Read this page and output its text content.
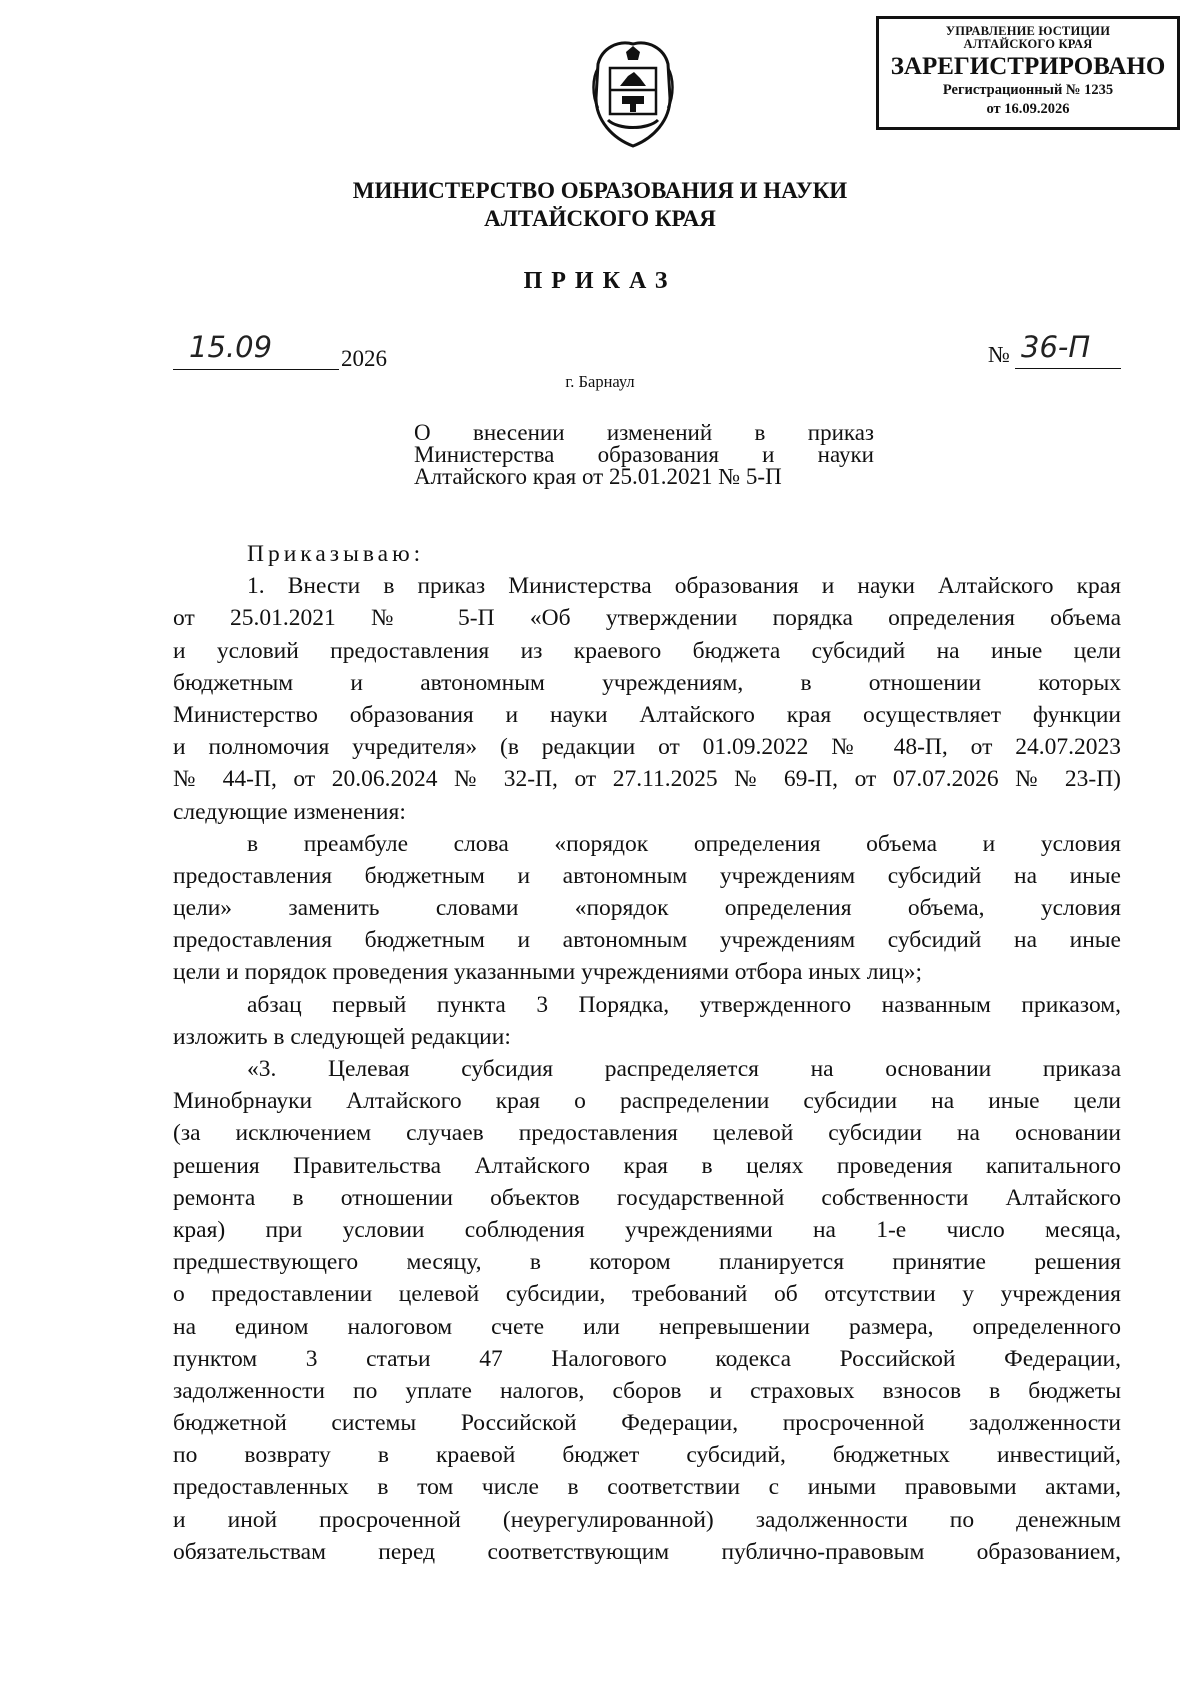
УПРАВЛЕНИЕ ЮСТИЦИИ
АЛТАЙСКОГО КРАЯ
ЗАРЕГИСТРИРОВАНО
Регистрационный № 1235
от 16.09.2026
МИНИСТЕРСТВО ОБРАЗОВАНИЯ И НАУКИ
АЛТАЙСКОГО КРАЯ
ПРИКАЗ
15.09	2026	№ 36-П
г. Барнаул
О внесении изменений в приказ
Министерства образования и науки
Алтайского края от 25.01.2021 № 5-П
Приказываю:
1. Внести в приказ Министерства образования и науки Алтайского края
от 25.01.2021 № 5-П «Об утверждении порядка определения объема
и условий предоставления из краевого бюджета субсидий на иные цели
бюджетным и автономным учреждениям, в отношении которых
Министерство образования и науки Алтайского края осуществляет функции
и полномочия учредителя» (в редакции от 01.09.2022 № 48-П, от 24.07.2023
№ 44-П, от 20.06.2024 № 32-П, от 27.11.2025 № 69-П, от 07.07.2026 № 23-П)
следующие изменения:
в преамбуле слова «порядок определения объема и условия
предоставления бюджетным и автономным учреждениям субсидий на иные
цели» заменить словами «порядок определения объема, условия
предоставления бюджетным и автономным учреждениям субсидий на иные
цели и порядок проведения указанными учреждениями отбора иных лиц»;
абзац первый пункта 3 Порядка, утвержденного названным приказом,
изложить в следующей редакции:
«3. Целевая субсидия распределяется на основании приказа
Минобрнауки Алтайского края о распределении субсидии на иные цели
(за исключением случаев предоставления целевой субсидии на основании
решения Правительства Алтайского края в целях проведения капитального
ремонта в отношении объектов государственной собственности Алтайского
края) при условии соблюдения учреждениями на 1-е число месяца,
предшествующего месяцу, в котором планируется принятие решения
о предоставлении целевой субсидии, требований об отсутствии у учреждения
на едином налоговом счете или непревышении размера, определенного
пунктом 3 статьи 47 Налогового кодекса Российской Федерации,
задолженности по уплате налогов, сборов и страховых взносов в бюджеты
бюджетной системы Российской Федерации, просроченной задолженности
по возврату в краевой бюджет субсидий, бюджетных инвестиций,
предоставленных в том числе в соответствии с иными правовыми актами,
и иной просроченной (неурегулированной) задолженности по денежным
обязательствам перед соответствующим публично-правовым образованием,
